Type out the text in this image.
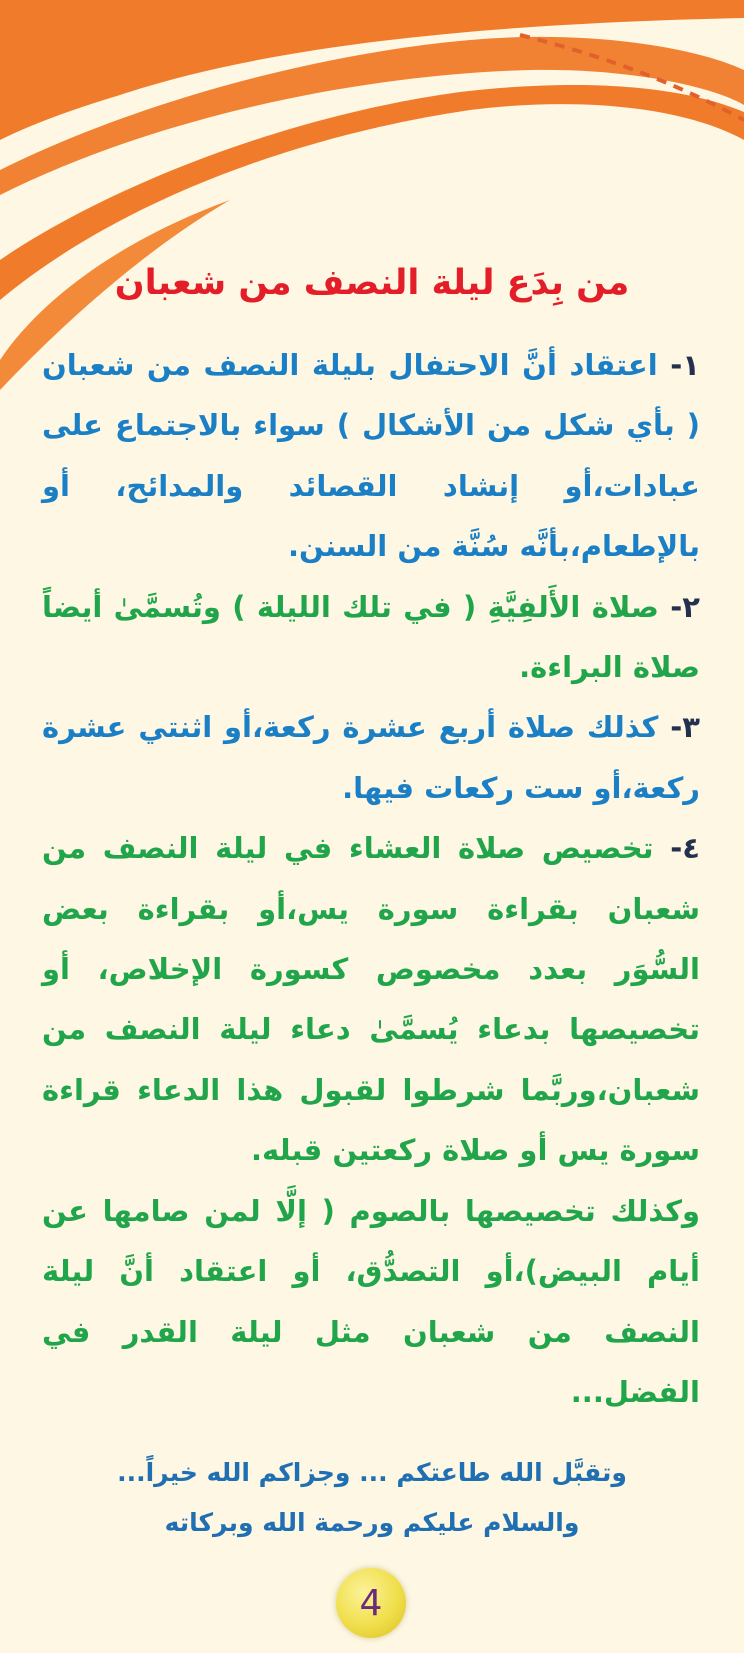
من بِدَع ليلة النصف من شعبان

١- اعتقاد أنَّ الاحتفال بليلة النصف من شعبان ( بأي شكل من الأشكال ) سواء بالاجتماع على عبادات،أو إنشاد القصائد والمدائح، أو بالإطعام،بأنَّه سُنَّة من السنن.

٢- صلاة الأَلفِيَّةِ ( في تلك الليلة ) وتُسمَّىٰ أيضاً صلاة البراءة.

٣- كذلك صلاة أربع عشرة ركعة،أو اثنتي عشرة ركعة،أو ست ركعات فيها.

٤- تخصيص صلاة العشاء في ليلة النصف من شعبان بقراءة سورة يس،أو بقراءة بعض السُّوَر بعدد مخصوص كسورة الإخلاص، أو تخصيصها بدعاء يُسمَّىٰ دعاء ليلة النصف من شعبان،وربَّما شرطوا لقبول هذا الدعاء قراءة سورة يس أو صلاة ركعتين قبله.

وكذلك تخصيصها بالصوم ( إلَّا لمن صامها عن أيام البيض)،أو التصدُّق، أو اعتقاد أنَّ ليلة النصف من شعبان مثل ليلة القدر في الفضل...

وتقبَّل الله طاعتكم ... وجزاكم الله خيراً...

والسلام عليكم ورحمة الله وبركاته

4
